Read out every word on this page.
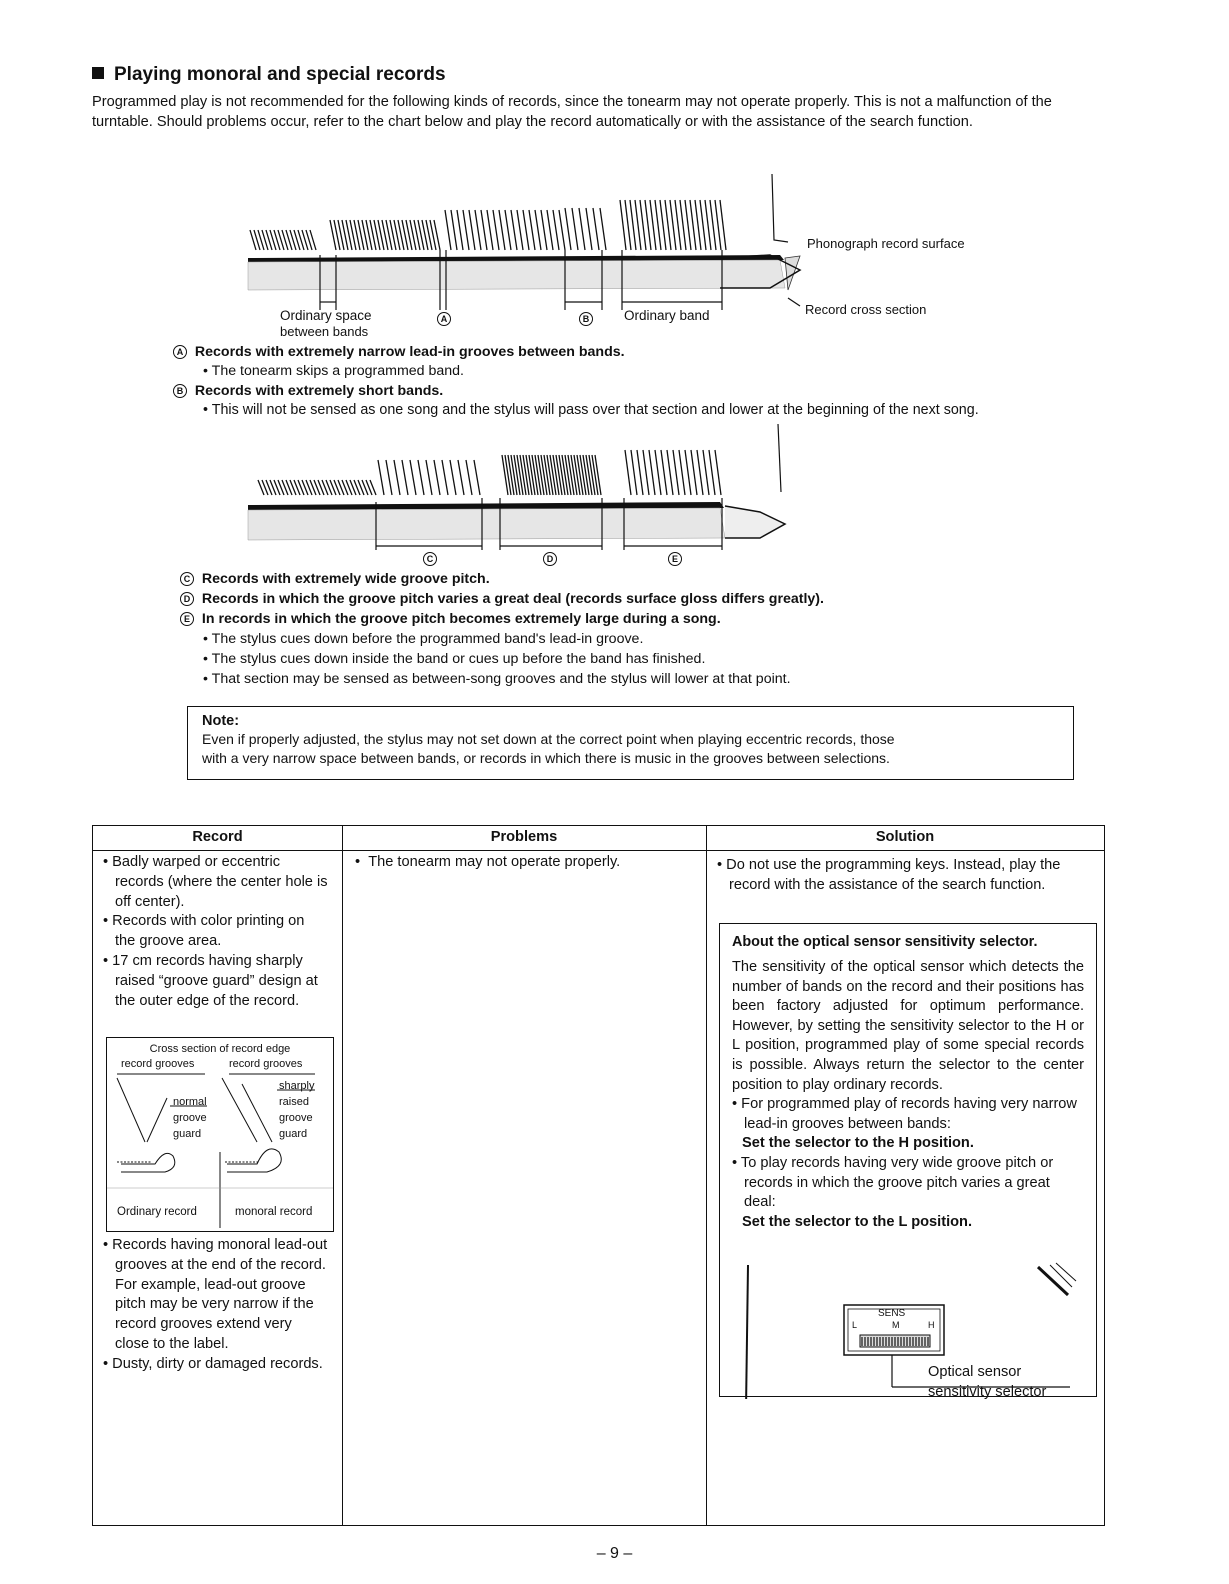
Playing monoral and special records

Programmed play is not recommended for the following kinds of records, since the tonearm may not operate properly. This is not a malfunction of the turntable. Should problems occur, refer to the chart below and play the record automatically or with the assistance of the search function.

Phonograph record surface
Record cross section
Ordinary space
between bands
Ordinary band
A	B
A Records with extremely narrow lead-in grooves between bands.
• The tonearm skips a programmed band.
B Records with extremely short bands.
• This will not be sensed as one song and the stylus will pass over that section and lower at the beginning of the next song.
C	D	E
C Records with extremely wide groove pitch.
D Records in which the groove pitch varies a great deal (records surface gloss differs greatly).
E In records in which the groove pitch becomes extremely large during a song.
• The stylus cues down before the programmed band's lead-in groove.
• The stylus cues down inside the band or cues up before the band has finished.
• That section may be sensed as between-song grooves and the stylus will lower at that point.

Note:

Even if properly adjusted, the stylus may not set down at the correct point when playing eccentric records, those

with a very narrow space between bands, or records in which there is music in the grooves between selections.

Record	Problems	Solution

• Badly warped or eccentric records (where the center hole is off center).

• Records with color printing on the groove area.

• 17 cm records having sharply raised “groove guard” design at the outer edge of the record.

Cross section of record edge
record grooves	record grooves
normal
groove
guard
sharply
raised
groove
guard
Ordinary record	monoral record

• Records having monoral lead-out grooves at the end of the record. For example, lead-out groove pitch may be very narrow if the record grooves extend very close to the label.

• Dusty, dirty or damaged records.

•  The tonearm may not operate properly.	• Do not use the programming keys. Instead, play the record with the assistance of the search function.

About the optical sensor sensitivity selector.

The sensitivity of the optical sensor which detects the number of bands on the record and their positions has been factory adjusted for optimum performance. However, by setting the sensitivity selector to the H or L position, programmed play of some special records is possible. Always return the selector to the center position to play ordinary records.

• For programmed play of records having very narrow lead-in grooves between bands:

Set the selector to the H position.

• To play records having very wide groove pitch or records in which the groove pitch varies a great deal:

Set the selector to the L position.

SENS
L	M	H
Optical sensor
sensitivity selector
– 9 –
